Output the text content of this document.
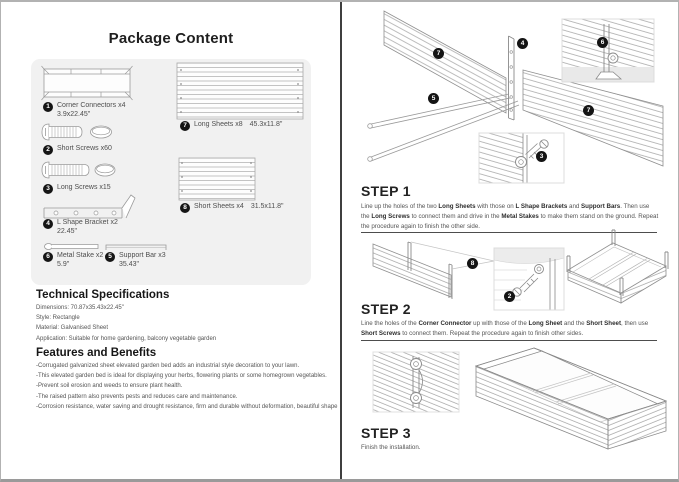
Package Content
1	Corner Connectors x4
3.9x22.45"
2	Short Screws x60
3	Long Screws x15
4	L Shape Bracket x2
22.45"
6	Metal Stake x2
5.9"
5	Support Bar x3
35.43"
7	Long Sheets x8 45.3x11.8"
8	Short Sheets x4 31.5x11.8"
Technical Specifications
Dimensions: 70.87x35.43x22.45"
Style: Rectangle
Material: Galvanised Sheet
Application: Suitable for home gardening, balcony vegetable garden
Features and Benefits
-Corrugated galvanized sheet elevated garden bed adds an industrial style decoration to your lawn.
-This elevated garden bed is ideal for displaying your herbs, flowering plants or some homegrown vegetables.
-Prevent soil erosion and weeds to ensure plant health.
-The raised pattern also prevents pests and reduces care and maintenance.
-Corrosion resistance, water saving and drought resistance, firm and durable without deformation, beautiful shape
STEP 1
Line up the holes of the two Long Sheets with those on L Shape Brackets and Support Bars. Then use the Long Screws to connect them and drive in the Metal Stakes to make them stand on the ground. Repeat the procedure again to finish the other side.
STEP 2
Line the holes of the Corner Connector up with those of the Long Sheet and the Short Sheet, then use Short Screws to connect them. Repeat the procedure again to finish other sides.
STEP 3
Finish the installation.
7
4
5
7
6
3
8
2
